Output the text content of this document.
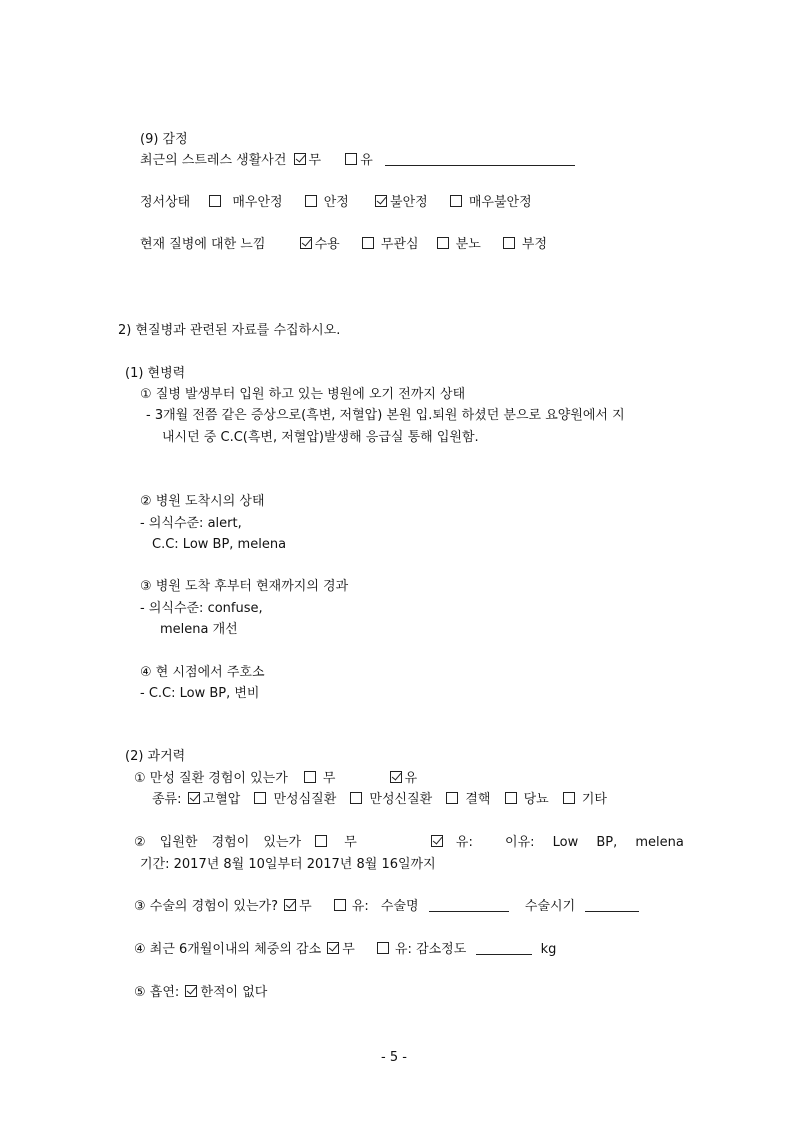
(9) 감정
최근의 스트레스 생활사건 무	유
정서상태	매우안정	안정	불안정	매우불안정
현재 질병에 대한 느낌	수용	무관심	분노	부정
2) 현질병과 관련된 자료를 수집하시오.
(1) 현병력
① 질병 발생부터 입원 하고 있는 병원에 오기 전까지 상태
- 3개월 전쯤 같은 증상으로(흑변, 저혈압) 본원 입.퇴원 하셨던 분으로 요양원에서 지
내시던 중 C.C(흑변, 저혈압)발생해 응급실 통해 입원함.
② 병원 도착시의 상태
- 의식수준: alert,
C.C: Low BP, melena
③ 병원 도착 후부터 현재까지의 경과
- 의식수준: confuse,
melena 개선
④ 현 시점에서 주호소
- C.C: Low BP, 변비
(2) 과거력
① 만성 질환 경험이 있는가	무	유
종류: 고혈압	만성심질환	만성신질환	결핵	당뇨	기타
② 입원한 경험이 있는가	무	유: 이유: Low BP, melena
기간: 2017년 8월 10일부터 2017년 8월 16일까지
③ 수술의 경험이 있는가? 무	유: 수술명	수술시기
④ 최근 6개월이내의 체중의 감소 무	유: 감소정도	kg
⑤ 흡연: 한적이 없다
- 5 -
